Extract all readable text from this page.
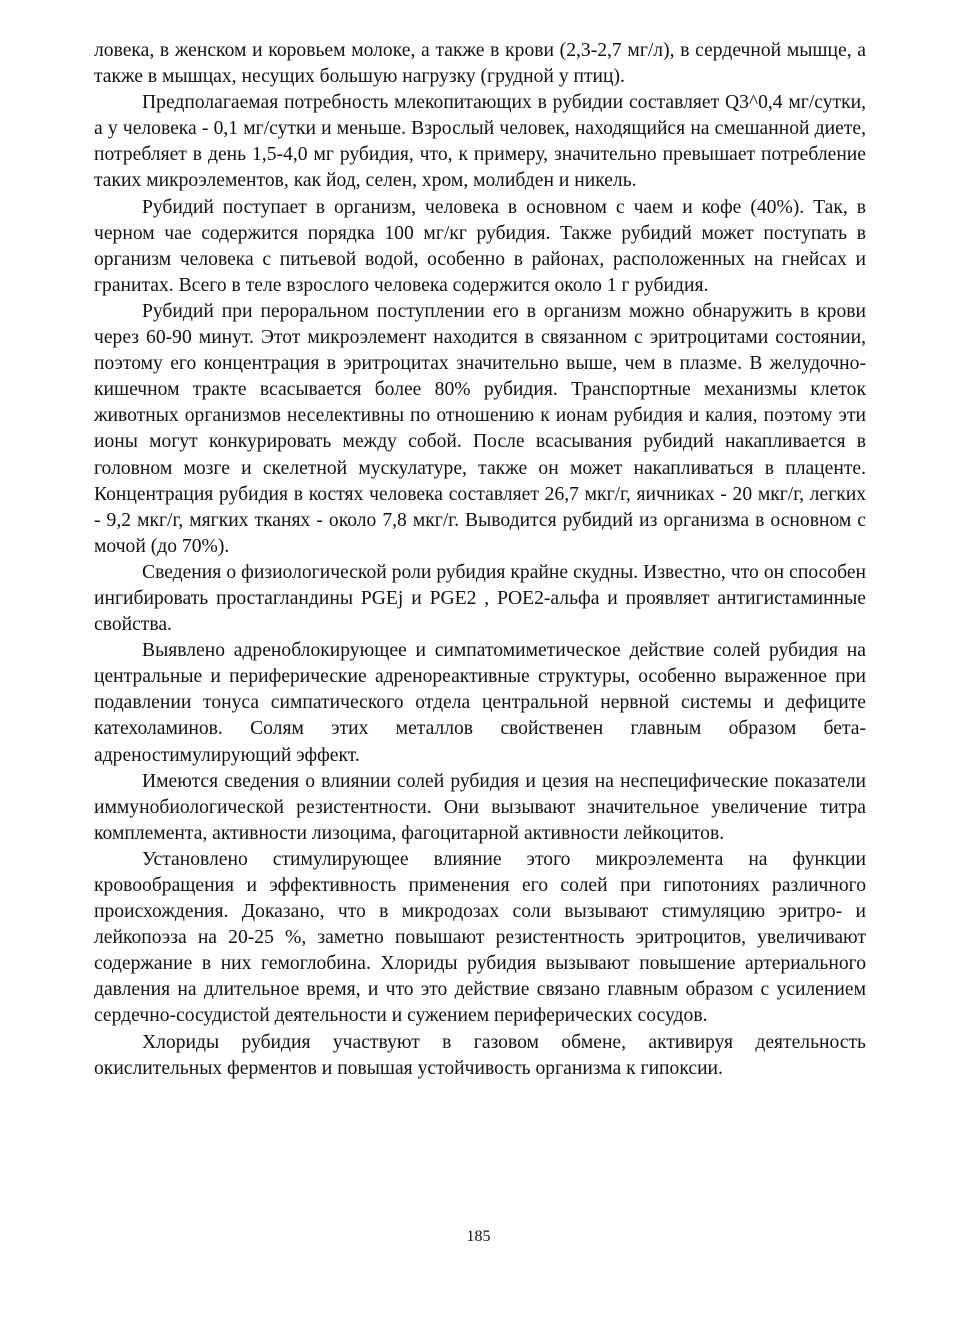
ловека, в женском и коровьем молоке, а также в крови (2,3-2,7 мг/л), в сердечной мышце, а также в мышцах, несущих большую нагрузку (грудной у птиц).

Предполагаемая потребность млекопитающих в рубидии составляет Q3^0,4 мг/сутки, а у человека - 0,1 мг/сутки и меньше. Взрослый человек, находящийся на смешанной диете, потребляет в день 1,5-4,0 мг рубидия, что, к примеру, значительно превышает потребление таких микроэлементов, как йод, селен, хром, молибден и никель.

Рубидий поступает в организм, человека в основном с чаем и кофе (40%). Так, в черном чае содержится порядка 100 мг/кг рубидия. Также рубидий может поступать в организм человека с питьевой водой, особенно в районах, расположенных на гнейсах и гранитах. Всего в теле взрослого человека содержится около 1 г рубидия.

Рубидий при пероральном поступлении его в организм можно обнаружить в крови через 60-90 минут. Этот микроэлемент находится в связанном с эритроцитами состоянии, поэтому его концентрация в эритроцитах значительно выше, чем в плазме. В желудочно-кишечном тракте всасывается более 80% рубидия. Транспортные механизмы клеток животных организмов неселективны по отношению к ионам рубидия и калия, поэтому эти ионы могут конкурировать между собой. После всасывания рубидий накапливается в головном мозге и скелетной мускулатуре, также он может накапливаться в плаценте. Концентрация рубидия в костях человека составляет 26,7 мкг/г, яичниках - 20 мкг/г, легких - 9,2 мкг/г, мягких тканях - около 7,8 мкг/г. Выводится рубидий из организма в основном с мочой (до 70%).

Сведения о физиологической роли рубидия крайне скудны. Известно, что он способен ингибировать простагландины PGEj и PGE2 , POE2-альфа и проявляет антигистаминные свойства.

Выявлено адреноблокирующее и симпатомиметическое действие солей рубидия на центральные и периферические адренореактивные структуры, особенно выраженное при подавлении тонуса симпатического отдела центральной нервной системы и дефиците катехоламинов. Солям этих металлов свойственен главным образом бета-адреностимулирующий эффект.

Имеются сведения о влиянии солей рубидия и цезия на неспецифические показатели иммунобиологической резистентности. Они вызывают значительное увеличение титра комплемента, активности лизоцима, фагоцитарной активности лейкоцитов.

Установлено стимулирующее влияние этого микроэлемента на функции кровообращения и эффективность применения его солей при гипотониях различного происхождения. Доказано, что в микродозах соли вызывают стимуляцию эритро- и лейкопоэза на 20-25 %, заметно повышают резистентность эритроцитов, увеличивают содержание в них гемоглобина. Хлориды рубидия вызывают повышение артериального давления на длительное время, и что это действие связано главным образом с усилением сердечно-сосудистой деятельности и сужением периферических сосудов.

Хлориды рубидия участвуют в газовом обмене, активируя деятельность окислительных ферментов и повышая устойчивость организма к гипоксии.

185
